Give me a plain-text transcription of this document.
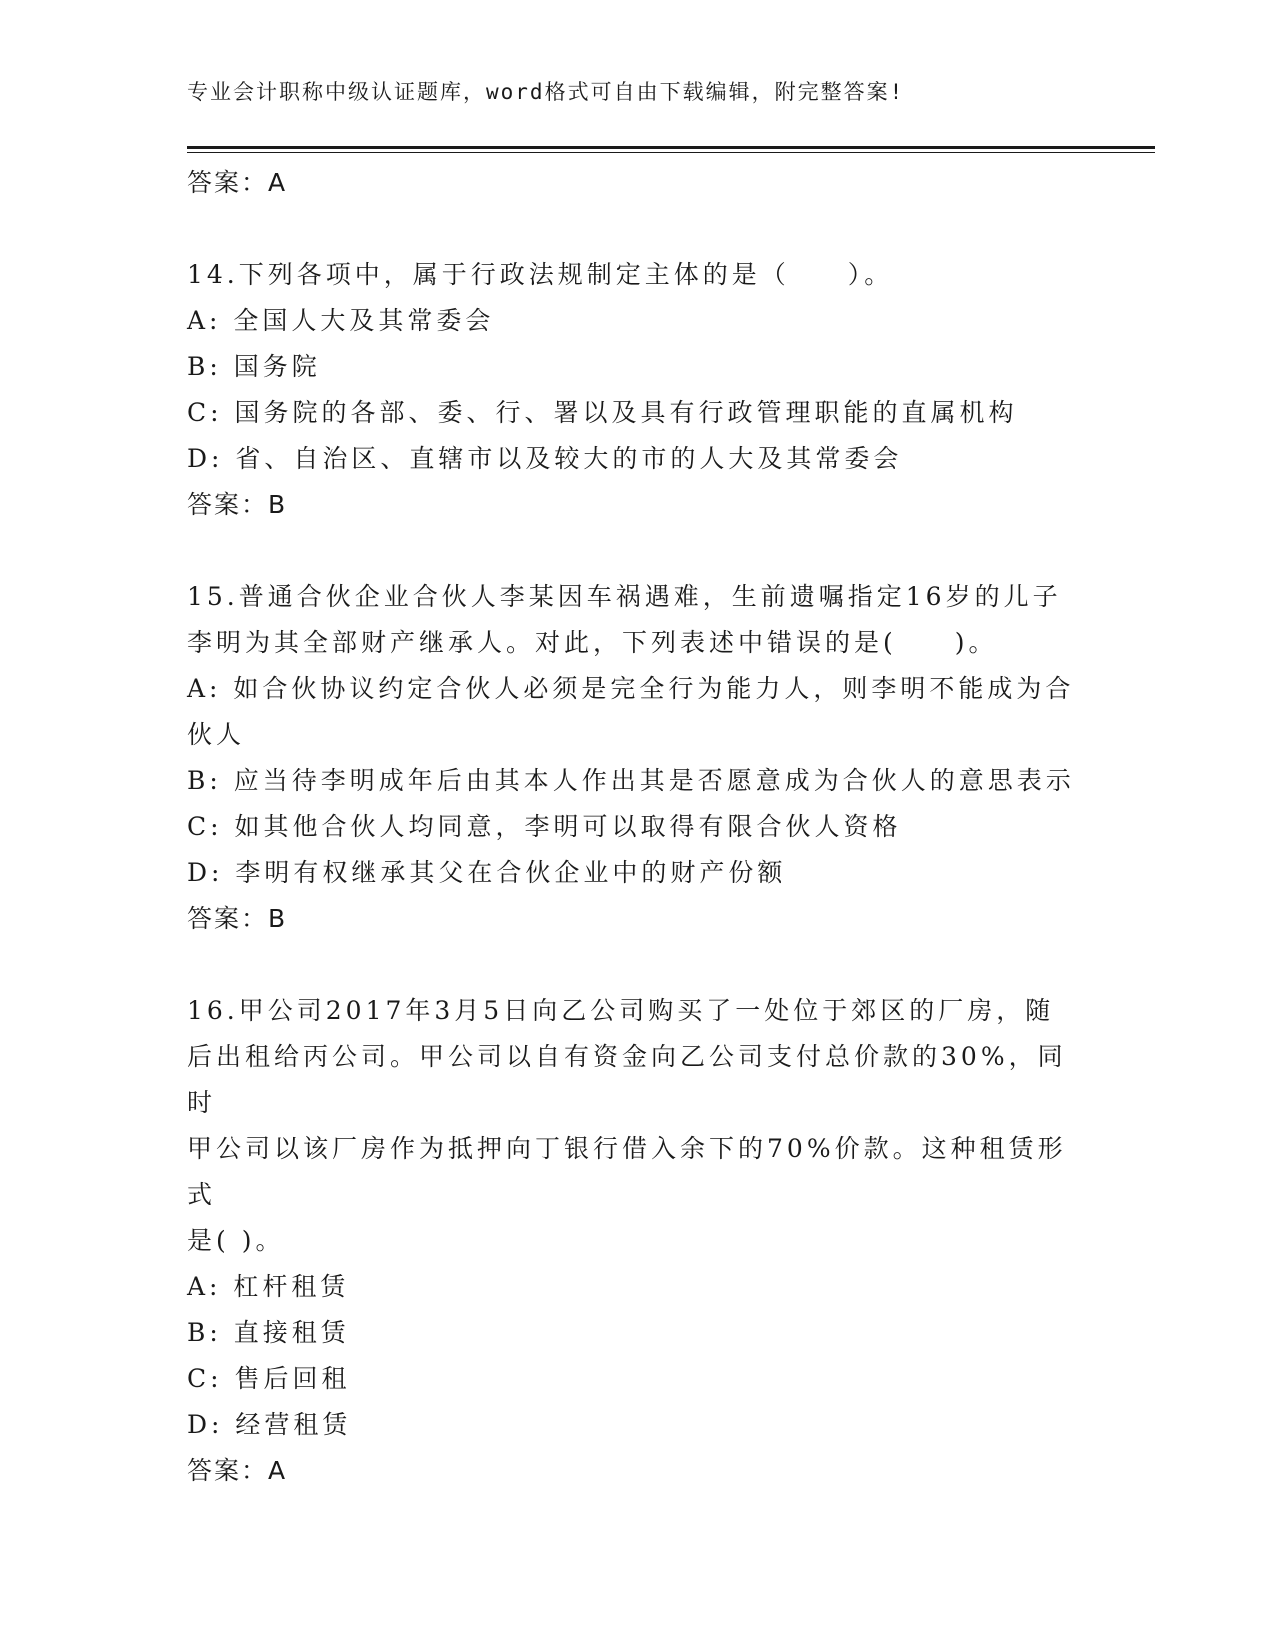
专业会计职称中级认证题库，word格式可自由下载编辑，附完整答案!
答案：A
14.下列各项中，属于行政法规制定主体的是（　　）。
A: 全国人大及其常委会
B: 国务院
C: 国务院的各部、委、行、署以及具有行政管理职能的直属机构
D: 省、自治区、直辖市以及较大的市的人大及其常委会
答案：B
15.普通合伙企业合伙人李某因车祸遇难，生前遗嘱指定16岁的儿子
李明为其全部财产继承人。对此，下列表述中错误的是(　　)。
A: 如合伙协议约定合伙人必须是完全行为能力人，则李明不能成为合
伙人
B: 应当待李明成年后由其本人作出其是否愿意成为合伙人的意思表示
C: 如其他合伙人均同意，李明可以取得有限合伙人资格
D: 李明有权继承其父在合伙企业中的财产份额
答案：B
16.甲公司2017年3月5日向乙公司购买了一处位于郊区的厂房，随
后出租给丙公司。甲公司以自有资金向乙公司支付总价款的30%，同时
甲公司以该厂房作为抵押向丁银行借入余下的70%价款。这种租赁形式
是( )。
A: 杠杆租赁
B: 直接租赁
C: 售后回租
D: 经营租赁
答案：A
